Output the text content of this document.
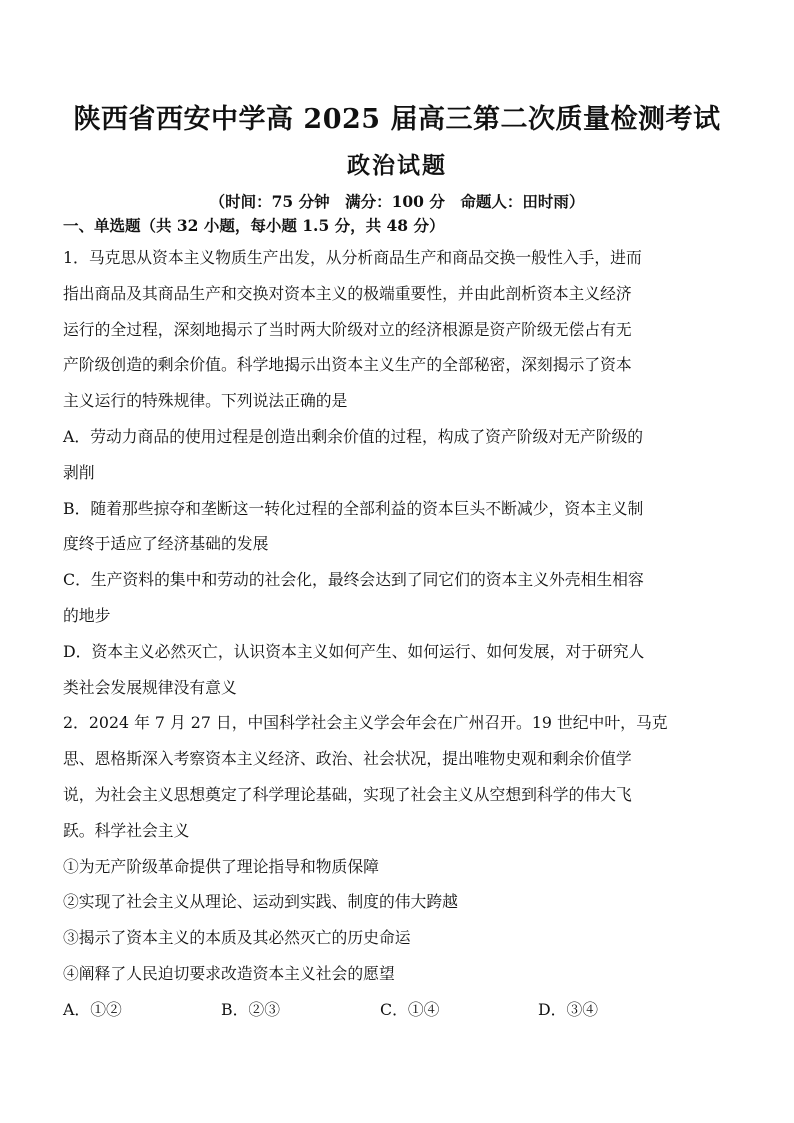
陕西省西安中学高 2025 届高三第二次质量检测考试
政治试题
（时间：75 分钟　满分：100 分　命题人：田时雨）
一、单选题（共 32 小题，每小题 1.5 分，共 48 分）
1．马克思从资本主义物质生产出发，从分析商品生产和商品交换一般性入手，进而
指出商品及其商品生产和交换对资本主义的极端重要性，并由此剖析资本主义经济
运行的全过程，深刻地揭示了当时两大阶级对立的经济根源是资产阶级无偿占有无
产阶级创造的剩余价值。科学地揭示出资本主义生产的全部秘密，深刻揭示了资本
主义运行的特殊规律。下列说法正确的是
A．劳动力商品的使用过程是创造出剩余价值的过程，构成了资产阶级对无产阶级的
剥削
B．随着那些掠夺和垄断这一转化过程的全部利益的资本巨头不断减少，资本主义制
度终于适应了经济基础的发展
C．生产资料的集中和劳动的社会化，最终会达到了同它们的资本主义外壳相生相容
的地步
D．资本主义必然灭亡，认识资本主义如何产生、如何运行、如何发展，对于研究人
类社会发展规律没有意义
2．2024 年 7 月 27 日，中国科学社会主义学会年会在广州召开。19 世纪中叶，马克
思、恩格斯深入考察资本主义经济、政治、社会状况，提出唯物史观和剩余价值学
说，为社会主义思想奠定了科学理论基础，实现了社会主义从空想到科学的伟大飞
跃。科学社会主义
①为无产阶级革命提供了理论指导和物质保障
②实现了社会主义从理论、运动到实践、制度的伟大跨越
③揭示了资本主义的本质及其必然灭亡的历史命运
④阐释了人民迫切要求改造资本主义社会的愿望
A．①②	B．②③	C．①④	D．③④
